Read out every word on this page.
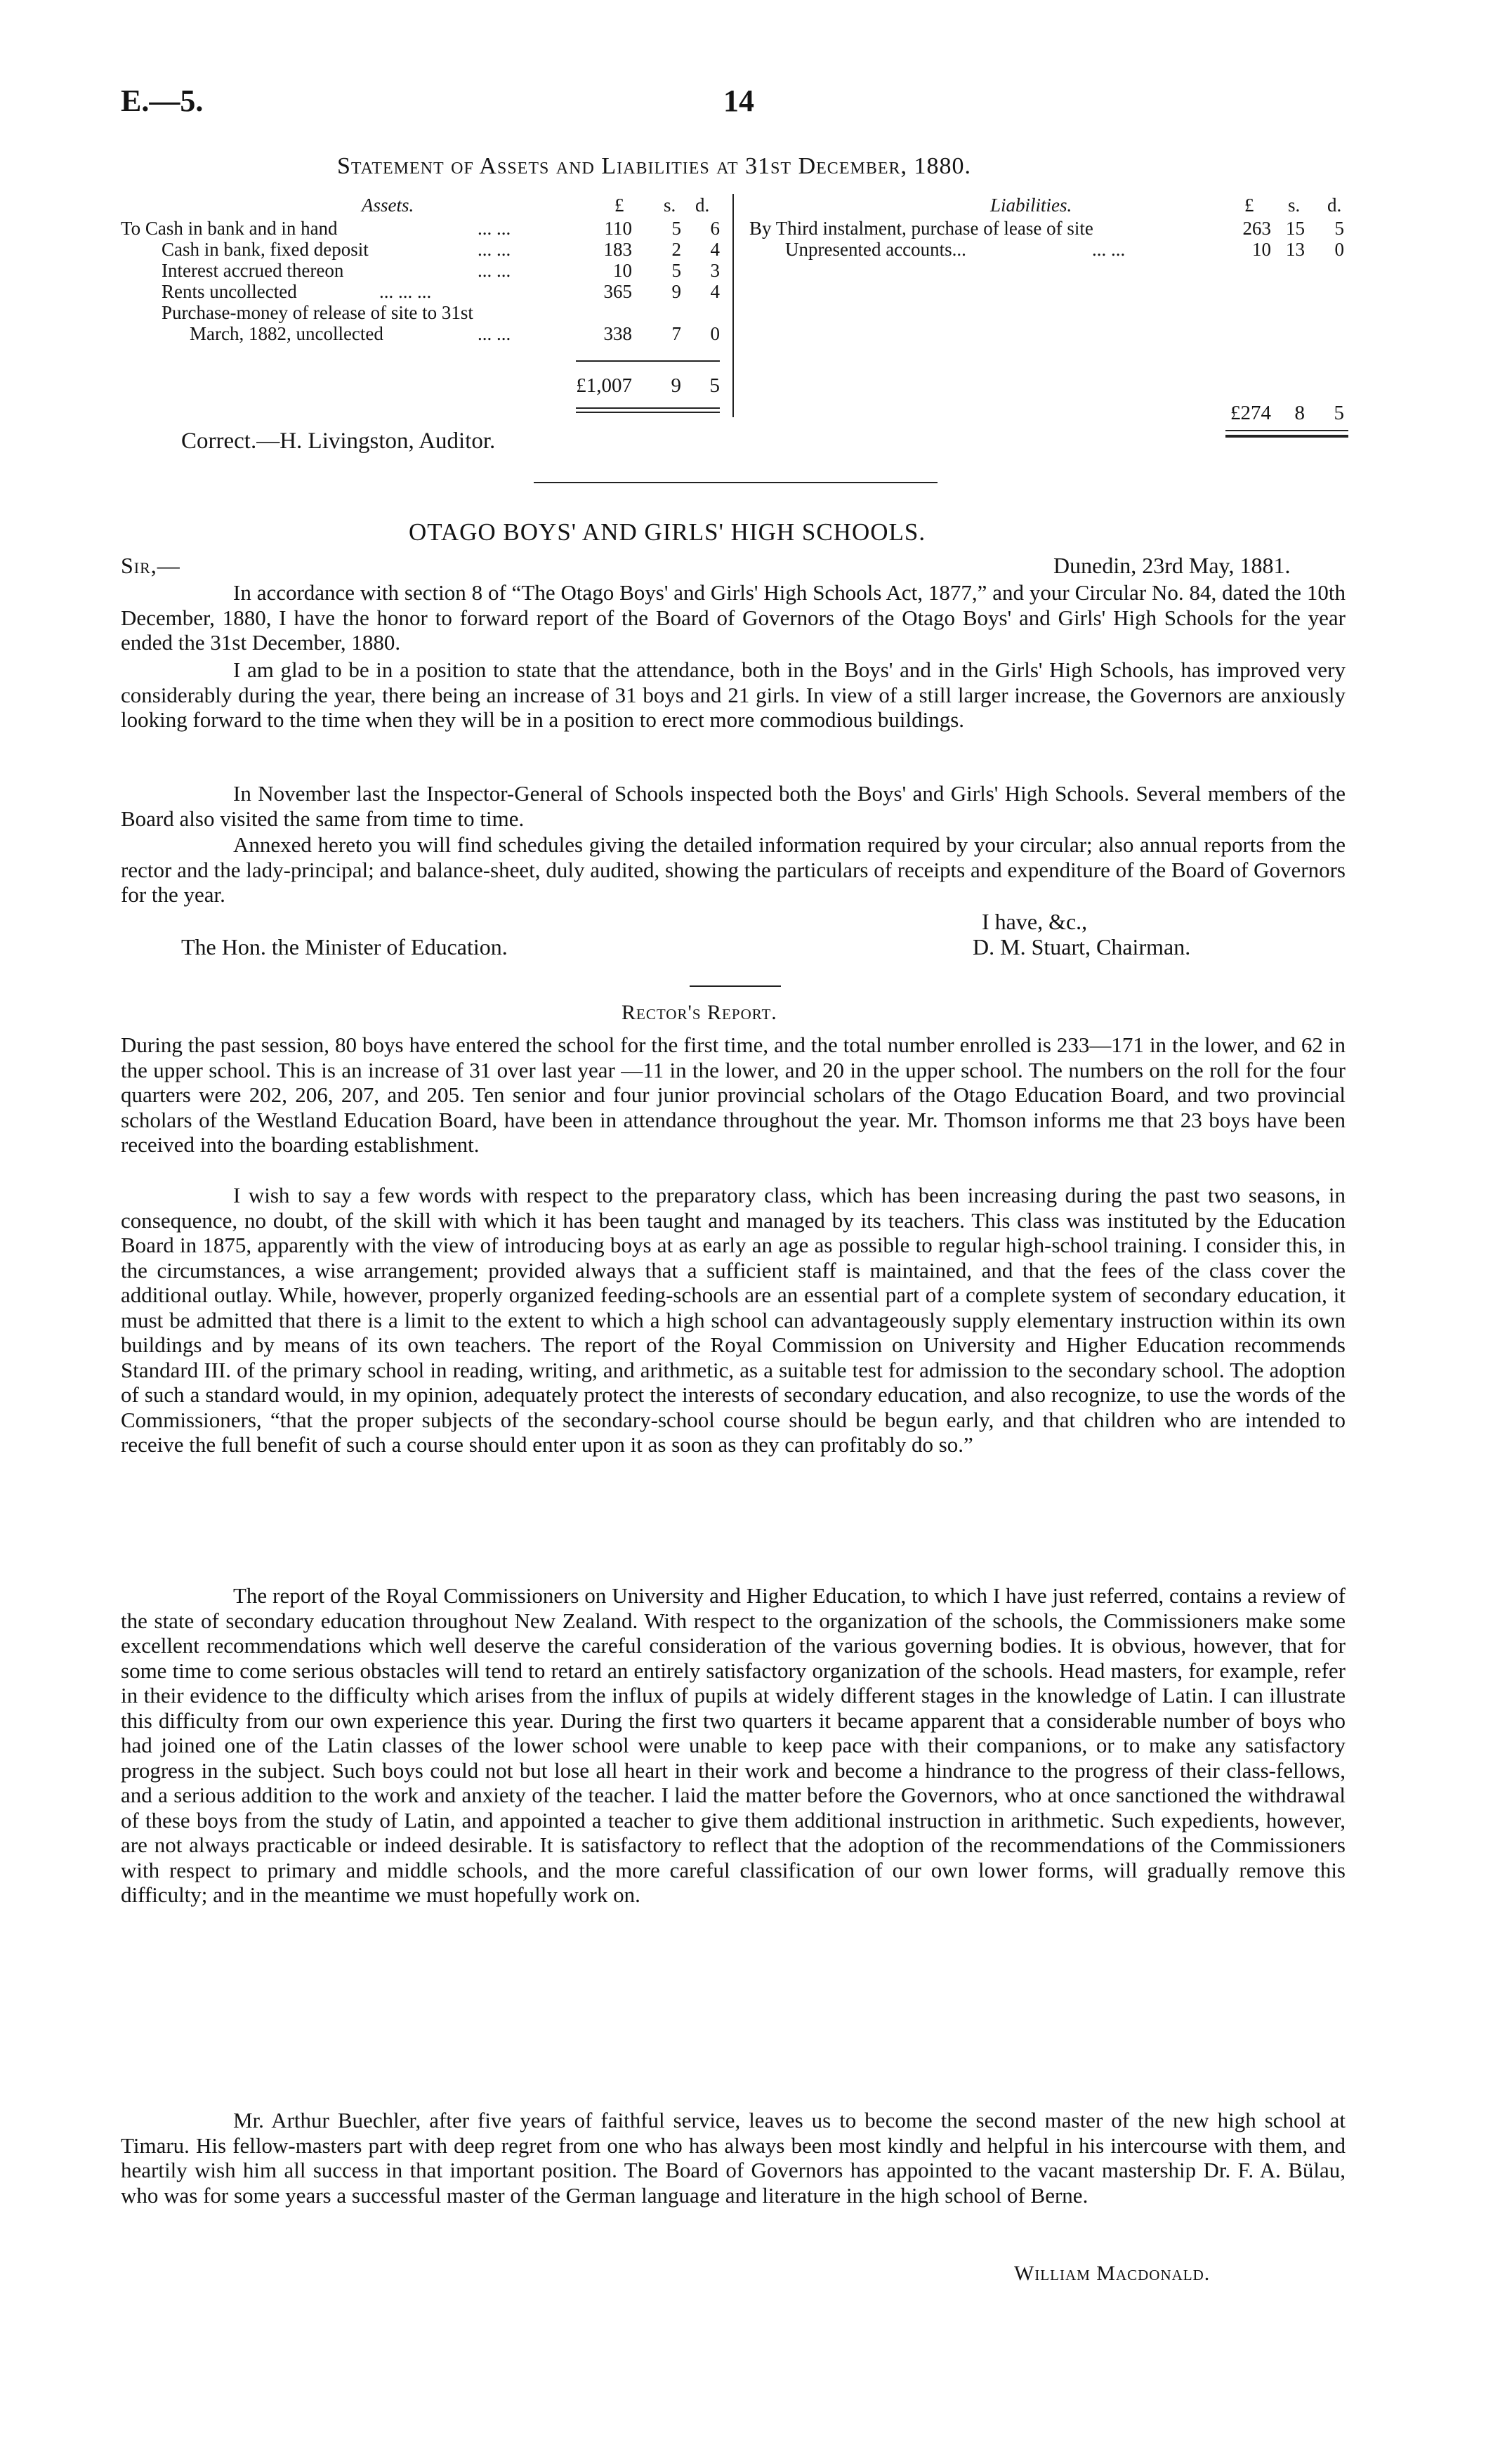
E.—5.	14
Statement of Assets and Liabilities at 31st December, 1880.
Assets.	£ s. d.
To Cash in bank and in hand	... ...	110	5	6
Cash in bank, fixed deposit	... ...	183	2	4
Interest accrued thereon	... ...	10	5	3
Rents uncollected	... ... ...	365	9	4
Purchase-money of release of site to 31st
March, 1882, uncollected	... ...	338	7	0
£1,007	9	5
Liabilities.	£ s. d.
By Third instalment, purchase of lease of site	263 15	5
Unpresented accounts...	... ...	10 13	0
£274	8	5
Correct.—H. Livingston, Auditor.
OTAGO BOYS' AND GIRLS' HIGH SCHOOLS.
Sir,—	Dunedin, 23rd May, 1881.
In accordance with section 8 of “The Otago Boys' and Girls' High Schools Act, 1877,” and your Circular No. 84, dated the 10th December, 1880, I have the honor to forward report of the Board of Governors of the Otago Boys' and Girls' High Schools for the year ended the 31st December, 1880.
I am glad to be in a position to state that the attendance, both in the Boys' and in the Girls' High Schools, has improved very considerably during the year, there being an increase of 31 boys and 21 girls. In view of a still larger increase, the Governors are anxiously looking forward to the time when they will be in a position to erect more commodious buildings.
In November last the Inspector-General of Schools inspected both the Boys' and Girls' High Schools. Several members of the Board also visited the same from time to time.
Annexed hereto you will find schedules giving the detailed information required by your circular; also annual reports from the rector and the lady-principal; and balance-sheet, duly audited, showing the particulars of receipts and expenditure of the Board of Governors for the year.
I have, &c.,
The Hon. the Minister of Education.	D. M. Stuart, Chairman.
Rector's Report.
During the past session, 80 boys have entered the school for the first time, and the total number enrolled is 233—171 in the lower, and 62 in the upper school. This is an increase of 31 over last year —11 in the lower, and 20 in the upper school. The numbers on the roll for the four quarters were 202, 206, 207, and 205. Ten senior and four junior provincial scholars of the Otago Education Board, and two provincial scholars of the Westland Education Board, have been in attendance throughout the year. Mr. Thomson informs me that 23 boys have been received into the boarding establishment.
I wish to say a few words with respect to the preparatory class, which has been increasing during the past two seasons, in consequence, no doubt, of the skill with which it has been taught and managed by its teachers. This class was instituted by the Education Board in 1875, apparently with the view of introducing boys at as early an age as possible to regular high-school training. I consider this, in the circumstances, a wise arrangement; provided always that a sufficient staff is maintained, and that the fees of the class cover the additional outlay. While, however, properly organized feeding-schools are an essential part of a complete system of secondary education, it must be admitted that there is a limit to the extent to which a high school can advantageously supply elementary instruction within its own buildings and by means of its own teachers. The report of the Royal Commission on University and Higher Education recommends Standard III. of the primary school in reading, writing, and arithmetic, as a suitable test for admission to the secondary school. The adoption of such a standard would, in my opinion, adequately protect the interests of secondary education, and also recognize, to use the words of the Commissioners, “that the proper subjects of the secondary-school course should be begun early, and that children who are intended to receive the full benefit of such a course should enter upon it as soon as they can profitably do so.”
The report of the Royal Commissioners on University and Higher Education, to which I have just referred, contains a review of the state of secondary education throughout New Zealand. With respect to the organization of the schools, the Commissioners make some excellent recommendations which well deserve the careful consideration of the various governing bodies. It is obvious, however, that for some time to come serious obstacles will tend to retard an entirely satisfactory organization of the schools. Head masters, for example, refer in their evidence to the difficulty which arises from the influx of pupils at widely different stages in the knowledge of Latin. I can illustrate this difficulty from our own experience this year. During the first two quarters it became apparent that a considerable number of boys who had joined one of the Latin classes of the lower school were unable to keep pace with their companions, or to make any satisfactory progress in the subject. Such boys could not but lose all heart in their work and become a hindrance to the progress of their class-fellows, and a serious addition to the work and anxiety of the teacher. I laid the matter before the Governors, who at once sanctioned the withdrawal of these boys from the study of Latin, and appointed a teacher to give them additional instruction in arithmetic. Such expedients, however, are not always practicable or indeed desirable. It is satisfactory to reflect that the adoption of the recommendations of the Commissioners with respect to primary and middle schools, and the more careful classification of our own lower forms, will gradually remove this difficulty; and in the meantime we must hopefully work on.
Mr. Arthur Buechler, after five years of faithful service, leaves us to become the second master of the new high school at Timaru. His fellow-masters part with deep regret from one who has always been most kindly and helpful in his intercourse with them, and heartily wish him all success in that important position. The Board of Governors has appointed to the vacant mastership Dr. F. A. Bülau, who was for some years a successful master of the German language and literature in the high school of Berne.
William Macdonald.
